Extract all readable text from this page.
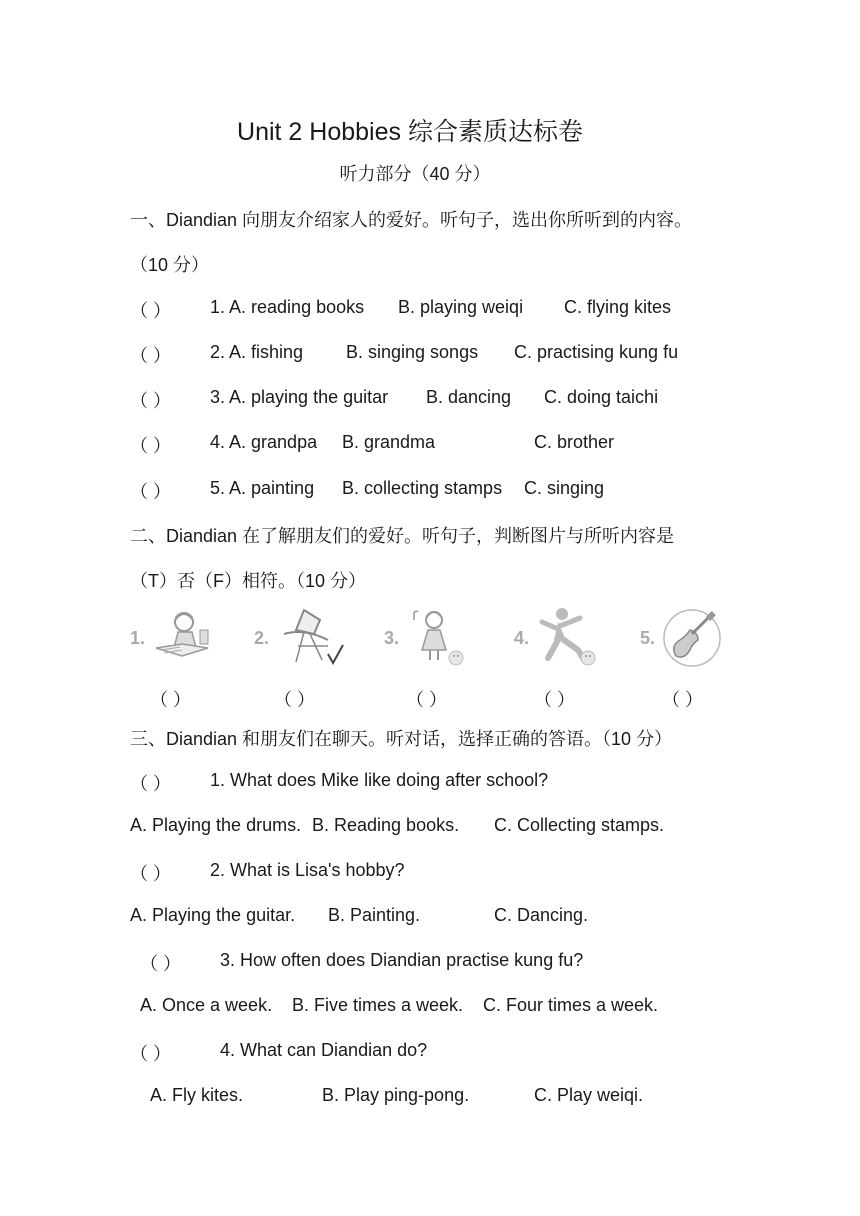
Unit 2 Hobbies 综合素质达标卷
听力部分（40 分）
一、Diandian 向朋友介绍家人的爱好。听句子，选出你所听到的内容。
（10 分）
（ ） 1. A. reading books B. playing weiqi C. flying kites
（ ） 2. A. fishing B. singing songs C. practising kung fu
（ ） 3. A. playing the guitar B. dancing C. doing taichi
（ ） 4. A. grandpa B. grandma	C. brother
（ ） 5. A. painting B. collecting stamps C. singing
二、Diandian 在了解朋友们的爱好。听句子，判断图片与所听内容是
（T）否（F）相符。（10 分）
1.	2.	3.	4.	5.
（ ）	（ ）	（ ）	（ ）	（ ）
三、Diandian 和朋友们在聊天。听对话，选择正确的答语。（10 分）
（ ） 1. What does Mike like doing after school?
A. Playing the drums. B. Reading books. C. Collecting stamps.
（ ） 2. What is Lisa's hobby?
A. Playing the guitar. B. Painting.	C. Dancing.
（ ） 3. How often does Diandian practise kung fu?
A. Once a week. B. Five times a week. C. Four times a week.
（ ）	4. What can Diandian do?
A. Fly kites.	B. Play ping-pong.	C. Play weiqi.
